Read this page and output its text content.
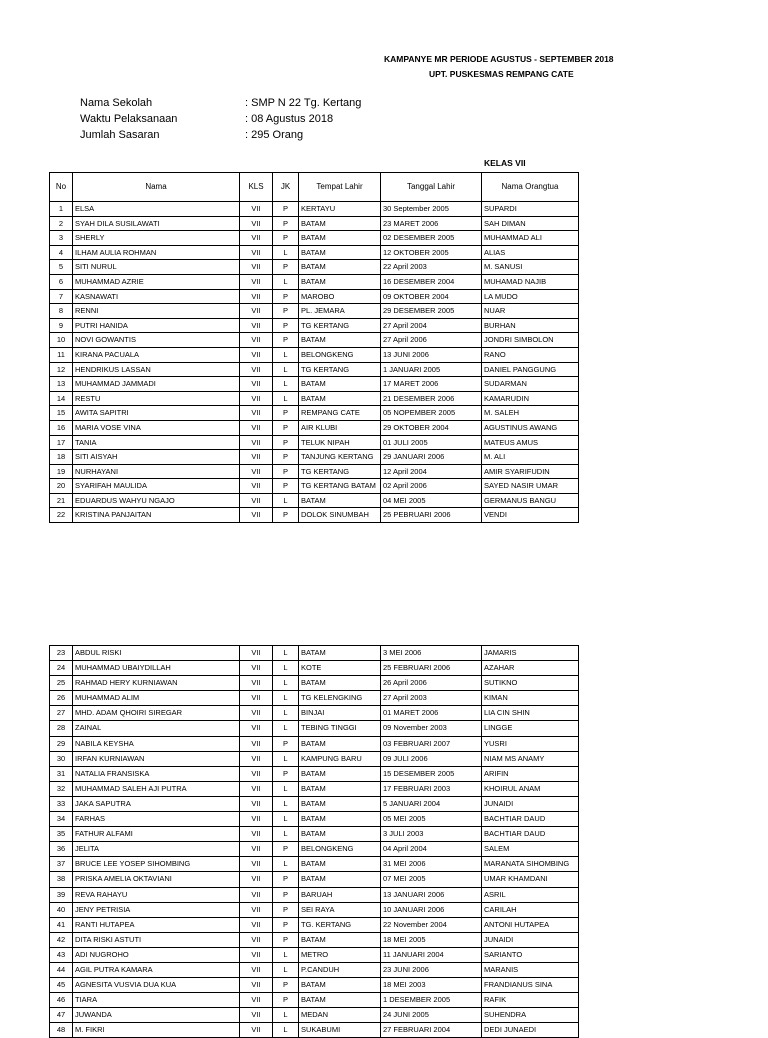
KAMPANYE MR PERIODE AGUSTUS - SEPTEMBER 2018
UPT. PUSKESMAS REMPANG CATE
Nama Sekolah	: SMP N 22 Tg. Kertang
Waktu Pelaksanaan	: 08 Agustus 2018
Jumlah Sasaran	: 295 Orang
KELAS VII
No	Nama	KLS	JK	Tempat Lahir	Tanggal Lahir	Nama Orangtua
1	ELSA	VII	P	KERTAYU	30 September 2005	SUPARDI
2	SYAH DILA SUSILAWATI	VII	P	BATAM	23 MARET 2006	SAH DIMAN
3	SHERLY	VII	P	BATAM	02 DESEMBER 2005	MUHAMMAD ALI
4	ILHAM AULIA ROHMAN	VII	L	BATAM	12 OKTOBER 2005	ALIAS
5	SITI NURUL	VII	P	BATAM	22 April 2003	M. SANUSI
6	MUHAMMAD AZRIE	VII	L	BATAM	16 DESEMBER 2004	MUHAMAD NAJIB
7	KASNAWATI	VII	P	MAROBO	09 OKTOBER 2004	LA MUDO
8	RENNI	VII	P	PL. JEMARA	29 DESEMBER 2005	NUAR
9	PUTRI HANIDA	VII	P	TG KERTANG	27 April 2004	BURHAN
10	NOVI GOWANTIS	VII	P	BATAM	27 April 2006	JONDRI SIMBOLON
11	KIRANA PACUALA	VII	L	BELONGKENG	13 JUNI 2006	RANO
12	HENDRIKUS LASSAN	VII	L	TG KERTANG	1 JANUARI 2005	DANIEL PANGGUNG
13	MUHAMMAD JAMMADI	VII	L	BATAM	17 MARET 2006	SUDARMAN
14	RESTU	VII	L	BATAM	21 DESEMBER 2006	KAMARUDIN
15	AWITA SAPITRI	VII	P	REMPANG CATE	05 NOPEMBER 2005	M. SALEH
16	MARIA VOSE VINA	VII	P	AIR KLUBI	29 OKTOBER 2004	AGUSTINUS AWANG
17	TANIA	VII	P	TELUK NIPAH	01 JULI 2005	MATEUS AMUS
18	SITI AISYAH	VII	P	TANJUNG KERTANG	29 JANUARI 2006	M. ALI
19	NURHAYANI	VII	P	TG KERTANG	12 April 2004	AMIR SYARIFUDIN
20	SYARIFAH MAULIDA	VII	P	TG KERTANG BATAM	02 April 2006	SAYED NASIR UMAR
21	EDUARDUS WAHYU NGAJO	VII	L	BATAM	04 MEI 2005	GERMANUS BANGU
22	KRISTINA PANJAITAN	VII	P	DOLOK SINUMBAH	25 PEBRUARI 2006	VENDI
23	ABDUL RISKI	VII	L	BATAM	3 MEI 2006	JAMARIS
24	MUHAMMAD UBAIYDILLAH	VII	L	KOTE	25 FEBRUARI 2006	AZAHAR
25	RAHMAD HERY KURNIAWAN	VII	L	BATAM	26 April 2006	SUTIKNO
26	MUHAMMAD ALIM	VII	L	TG KELENGKING	27 April 2003	KIMAN
27	MHD. ADAM QHOIRI SIREGAR	VII	L	BINJAI	01 MARET 2006	LIA CIN SHIN
28	ZAINAL	VII	L	TEBING TINGGI	09 November 2003	LINGGE
29	NABILA KEYSHA	VII	P	BATAM	03 FEBRUARI 2007	YUSRI
30	IRFAN KURNIAWAN	VII	L	KAMPUNG BARU	09 JULI 2006	NIAM MS ANAMY
31	NATALIA FRANSISKA	VII	P	BATAM	15 DESEMBER 2005	ARIFIN
32	MUHAMMAD SALEH AJI PUTRA	VII	L	BATAM	17 FEBRUARI 2003	KHOIRUL ANAM
33	JAKA SAPUTRA	VII	L	BATAM	5 JANUARI 2004	JUNAIDI
34	FARHAS	VII	L	BATAM	05 MEI 2005	BACHTIAR DAUD
35	FATHUR ALFAMI	VII	L	BATAM	3 JULI 2003	BACHTIAR DAUD
36	JELITA	VII	P	BELONGKENG	04 April 2004	SALEM
37	BRUCE LEE YOSEP SIHOMBING	VII	L	BATAM	31 MEI 2006	MARANATA SIHOMBING
38	PRISKA AMELIA OKTAVIANI	VII	P	BATAM	07 MEI 2005	UMAR KHAMDANI
39	REVA RAHAYU	VII	P	BARUAH	13 JANUARI 2006	ASRIL
40	JENY PETRISIA	VII	P	SEI RAYA	10 JANUARI 2006	CARILAH
41	RANTI HUTAPEA	VII	P	TG. KERTANG	22 November 2004	ANTONI HUTAPEA
42	DITA RISKI ASTUTI	VII	P	BATAM	18 MEI 2005	JUNAIDI
43	ADI NUGROHO	VII	L	METRO	11 JANUARI 2004	SARIANTO
44	AGIL PUTRA KAMARA	VII	L	P.CANDUH	23 JUNI 2006	MARANIS
45	AGNESITA VUSVIA DUA KUA	VII	P	BATAM	18 MEI 2003	FRANDIANUS SINA
46	TIARA	VII	P	BATAM	1 DESEMBER 2005	RAFIK
47	JUWANDA	VII	L	MEDAN	24 JUNI 2005	SUHENDRA
48	M. FIKRI	VII	L	SUKABUMI	27 FEBRUARI 2004	DEDI JUNAEDI
